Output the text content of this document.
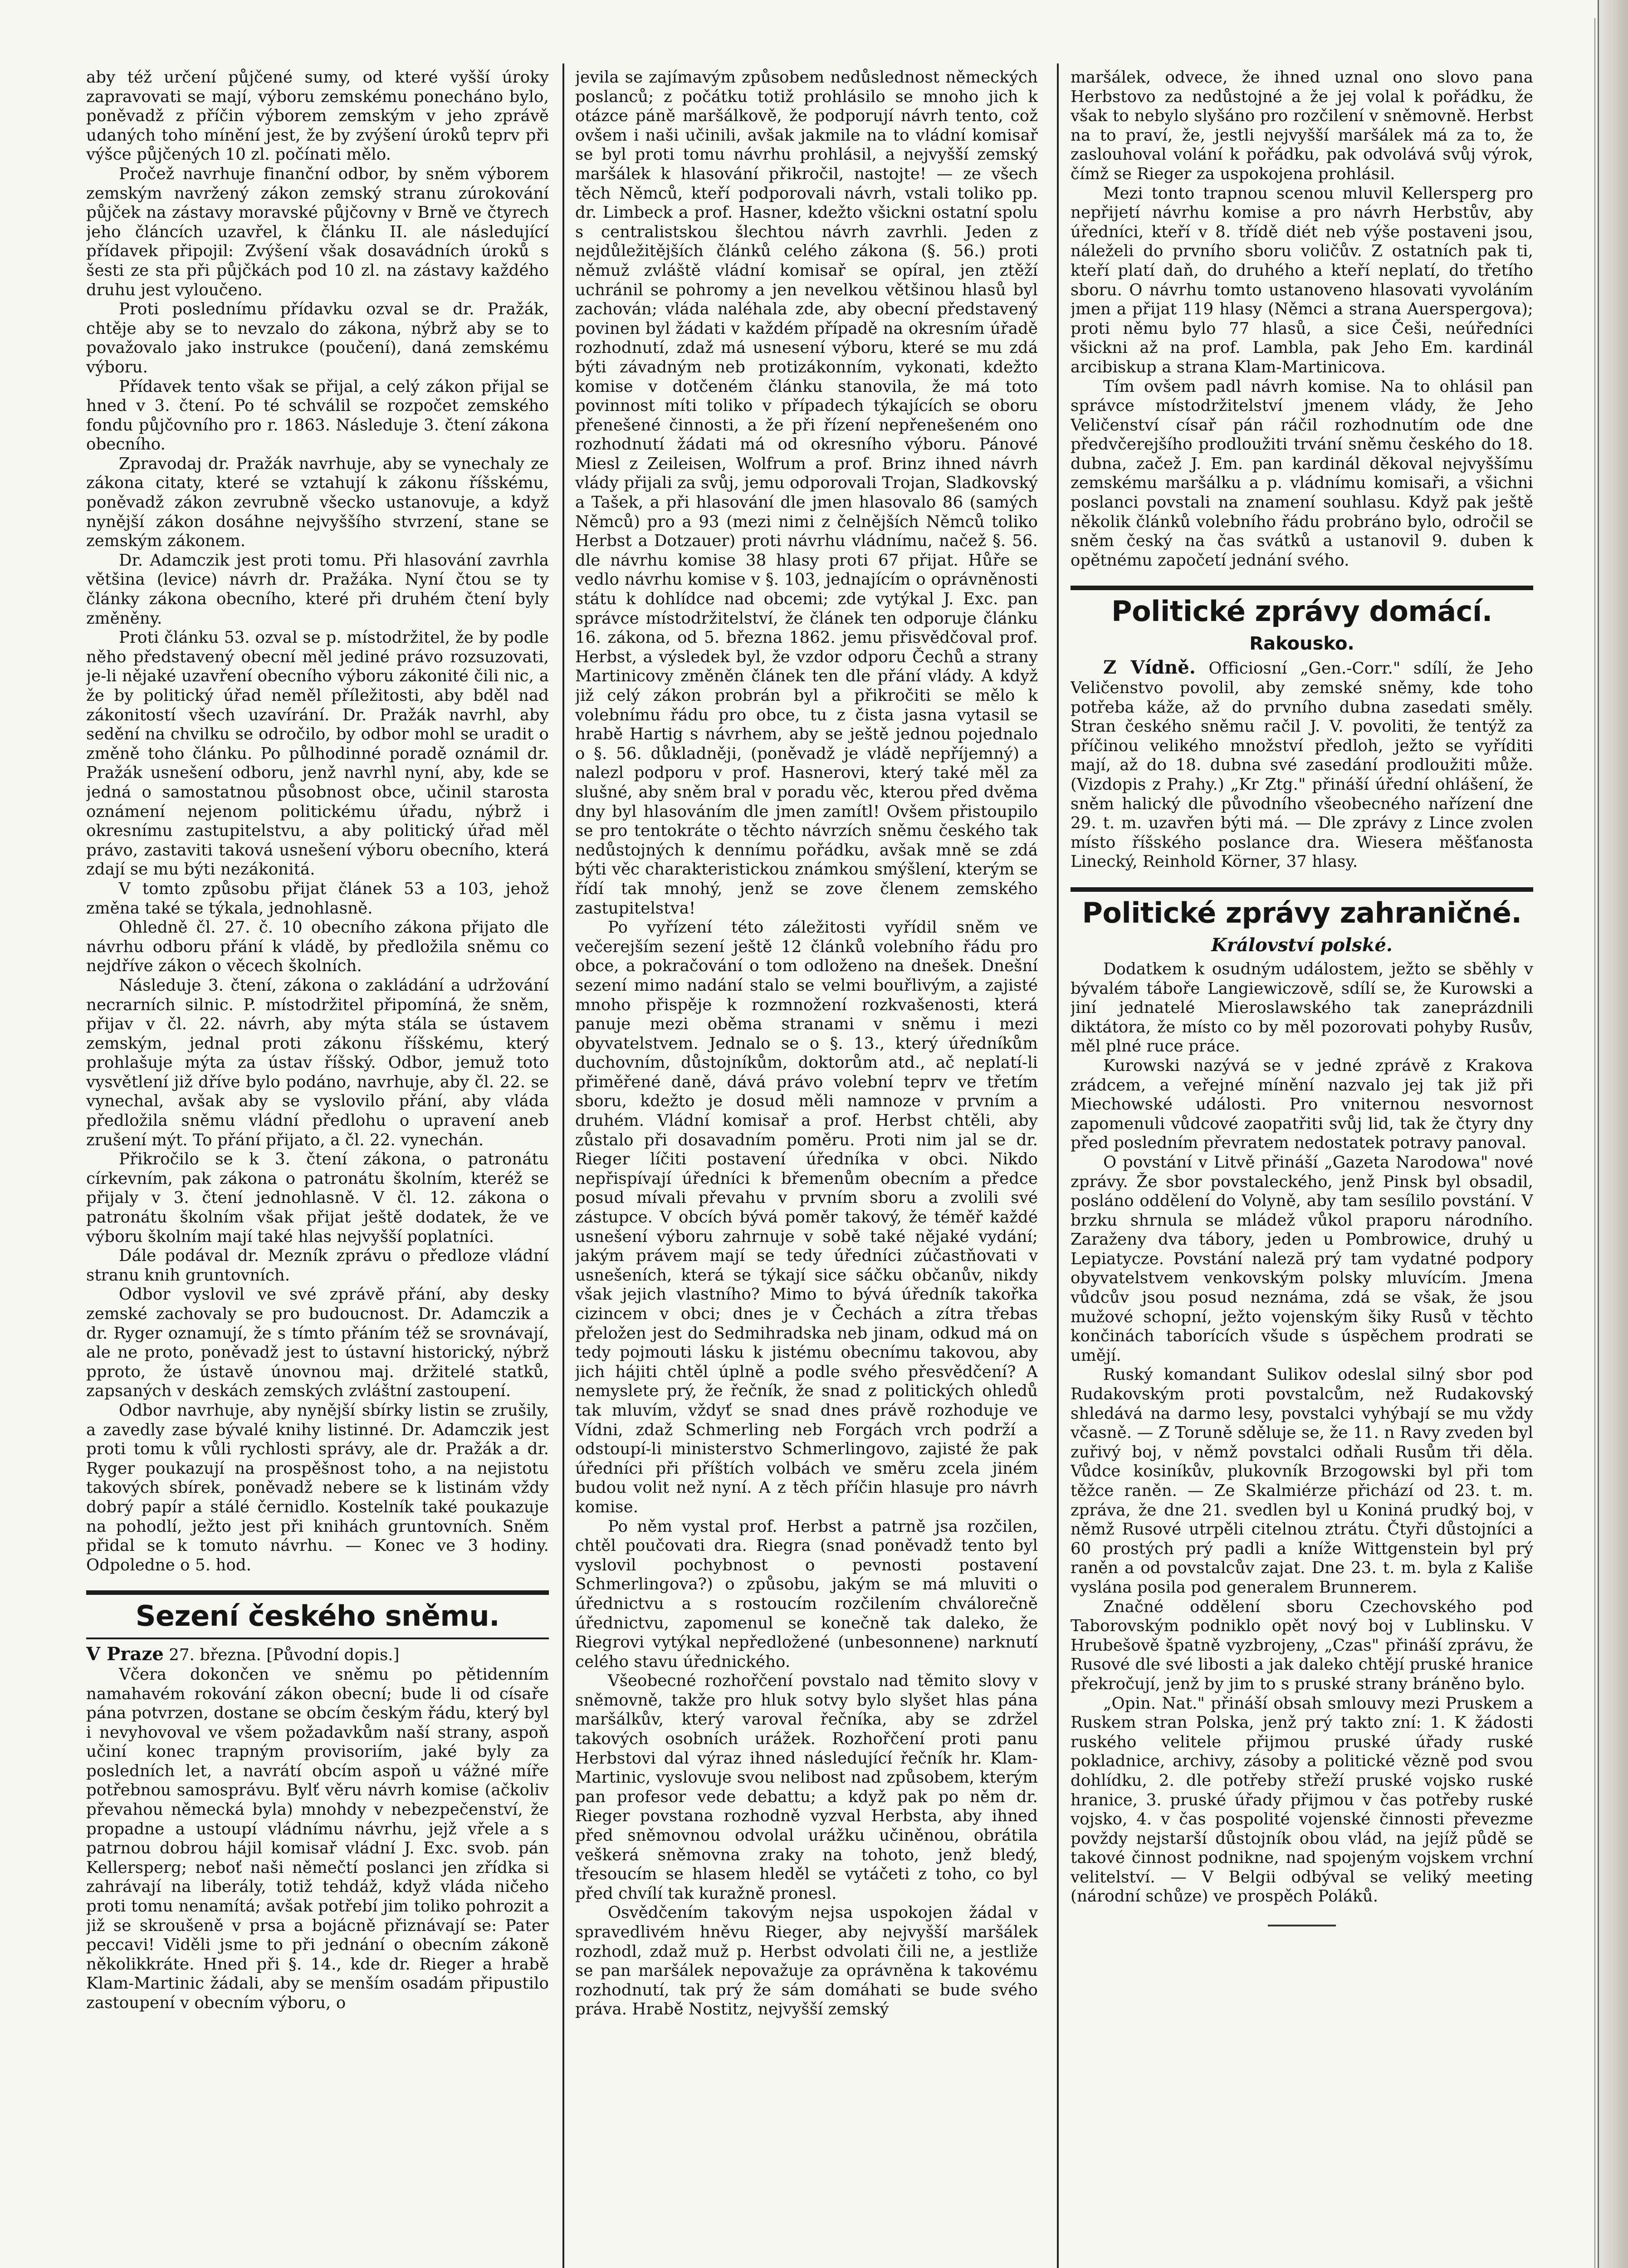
aby též určení půjčené sumy, od které vyšší úroky zapravovati se mají, výboru zemskému ponecháno bylo, poněvadž z příčin výborem zemským v jeho zprávě udaných toho mínění jest, že by zvýšení úroků teprv při výšce půjčených 10 zl. počínati mělo.

Pročež navrhuje finanční odbor, by sněm výborem zemským navržený zákon zemský stranu zúrokování půjček na zástavy moravské půjčovny v Brně ve čtyrech jeho článcích uzavřel, k článku II. ale následující přídavek připojil: Zvýšení však dosavádních úroků s šesti ze sta při půjčkách pod 10 zl. na zástavy každého druhu jest vyloučeno.

Proti poslednímu přídavku ozval se dr. Pražák, chtěje aby se to nevzalo do zákona, nýbrž aby se to považovalo jako instrukce (poučení), daná zemskému výboru.

Přídavek tento však se přijal, a celý zákon přijal se hned v 3. čtení. Po té schválil se rozpočet zemského fondu půjčovního pro r. 1863. Následuje 3. čtení zákona obecního.

Zpravodaj dr. Pražák navrhuje, aby se vynechaly ze zákona citaty, které se vztahují k zákonu říšskému, poněvadž zákon zevrubně všecko ustanovuje, a když nynější zákon dosáhne nejvyššího stvrzení, stane se zemským zákonem.

Dr. Adamczik jest proti tomu. Při hlasování zavrhla většina (levice) návrh dr. Pražáka. Nyní čtou se ty články zákona obecního, které při druhém čtení byly změněny.

Proti článku 53. ozval se p. místodržitel, že by podle něho představený obecní měl jediné právo rozsuzovati, je-li nějaké uzavření obecního výboru zákonité čili nic, a že by politický úřad neměl příležitosti, aby bděl nad zákonitostí všech uzavírání. Dr. Pražák navrhl, aby sedění na chvilku se odročilo, by odbor mohl se uradit o změně toho článku. Po půlhodinné poradě oznámil dr. Pražák usnešení odboru, jenž navrhl nyní, aby, kde se jedná o samostatnou působnost obce, učinil starosta oznámení nejenom politickému úřadu, nýbrž i okresnímu zastupitelstvu, a aby politický úřad měl právo, zastaviti taková usnešení výboru obecního, která zdají se mu býti nezákonitá.

V tomto způsobu přijat článek 53 a 103, jehož změna také se týkala, jednohlasně.

Ohledně čl. 27. č. 10 obecního zákona přijato dle návrhu odboru přání k vládě, by předložila sněmu co nejdříve zákon o věcech školních.

Následuje 3. čtení, zákona o zakládání a udržování necrarních silnic. P. místodržitel připomíná, že sněm, přijav v čl. 22. návrh, aby mýta stála se ústavem zemským, jednal proti zákonu říšskému, který prohlašuje mýta za ústav říšský. Odbor, jemuž toto vysvětlení již dříve bylo podáno, navrhuje, aby čl. 22. se vynechal, avšak aby se vyslovilo přání, aby vláda předložila sněmu vládní předlohu o upravení aneb zrušení mýt. To přání přijato, a čl. 22. vynechán.

Přikročilo se k 3. čtení zákona, o patronátu církevním, pak zákona o patronátu školním, kteréž se přijaly v 3. čtení jednohlasně. V čl. 12. zákona o patronátu školním však přijat ještě dodatek, že ve výboru školním mají také hlas nejvyšší poplatníci.

Dále podával dr. Mezník zprávu o předloze vládní stranu knih gruntovních.

Odbor vyslovil ve své zprávě přání, aby desky zemské zachovaly se pro budoucnost. Dr. Adamczik a dr. Ryger oznamují, že s tímto přáním též se srovnávají, ale ne proto, poněvadž jest to ústavní historický, nýbrž pproto, že ústavě únovnou maj. držitelé statků, zapsaných v deskách zemských zvláštní zastoupení.

Odbor navrhuje, aby nynější sbírky listin se zrušily, a zavedly zase bývalé knihy listinné. Dr. Adamczik jest proti tomu k vůli rychlosti správy, ale dr. Pražák a dr. Ryger poukazují na prospěšnost toho, a na nejistotu takových sbírek, poněvadž nebere se k listinám vždy dobrý papír a stálé černidlo. Kostelník také poukazuje na pohodlí, ježto jest při knihách gruntovních. Sněm přidal se k tomuto návrhu. — Konec ve 3 hodiny. Odpoledne o 5. hod.

Sezení českého sněmu.

V Praze 27. března. [Původní dopis.]

Včera dokončen ve sněmu po pětidenním namahavém rokování zákon obecní; bude li od císaře pána potvrzen, dostane se obcím českým řádu, který byl i nevyhovoval ve všem požadavkům naší strany, aspoň učiní konec trapným provisoriím, jaké byly za posledních let, a navrátí obcím aspoň u vážné míře potřebnou samosprávu. Bylť věru návrh komise (ačkoliv převahou německá byla) mnohdy v nebezpečenství, že propadne a ustoupí vládnímu návrhu, jejž vřele a s patrnou dobrou hájil komisař vládní J. Exc. svob. pán Kellersperg; neboť naši němečtí poslanci jen zřídka si zahrávají na liberály, totiž tehdáž, když vláda ničeho proti tomu nenamítá; avšak potřebí jim toliko pohrozit a již se skroušeně v prsa a bojácně přiznávají se: Pater peccavi! Viděli jsme to při jednání o obecním zákoně několikkráte. Hned při §. 14., kde dr. Rieger a hrabě Klam-Martinic žádali, aby se menším osadám připustilo zastoupení v obecním výboru, o

jevila se zajímavým způsobem nedůslednost německých poslanců; z počátku totiž prohlásilo se mnoho jich k otázce páně maršálkově, že podporují návrh tento, což ovšem i naši učinili, avšak jakmile na to vládní komisař se byl proti tomu návrhu prohlásil, a nejvyšší zemský maršálek k hlasování přikročil, nastojte! — ze všech těch Němců, kteří podporovali návrh, vstali toliko pp. dr. Limbeck a prof. Hasner, kdežto všickni ostatní spolu s centralistskou šlechtou návrh zavrhli. Jeden z nejdůležitějších článků celého zákona (§. 56.) proti němuž zvláště vládní komisař se opíral, jen ztěží uchránil se pohromy a jen nevelkou většinou hlasů byl zachován; vláda naléhala zde, aby obecní představený povinen byl žádati v každém případě na okresním úřadě rozhodnutí, zdaž má usnesení výboru, které se mu zdá býti závadným neb protizákonním, vykonati, kdežto komise v dotčeném článku stanovila, že má toto povinnost míti toliko v případech týkajících se oboru přenešené činnosti, a že při řízení nepřenešeném ono rozhodnutí žádati má od okresního výboru. Pánové Miesl z Zeileisen, Wolfrum a prof. Brinz ihned návrh vlády přijali za svůj, jemu odporovali Trojan, Sladkovský a Tašek, a při hlasování dle jmen hlasovalo 86 (samých Němců) pro a 93 (mezi nimi z čelnějších Němců toliko Herbst a Dotzauer) proti návrhu vládnímu, načež §. 56. dle návrhu komise 38 hlasy proti 67 přijat. Hůře se vedlo návrhu komise v §. 103, jednajícím o oprávněnosti státu k dohlídce nad obcemi; zde vytýkal J. Exc. pan správce místodržitelství, že článek ten odporuje článku 16. zákona, od 5. března 1862. jemu přisvědčoval prof. Herbst, a výsledek byl, že vzdor odporu Čechů a strany Martinicovy změněn článek ten dle přání vlády. A když již celý zákon probrán byl a přikročiti se mělo k volebnímu řádu pro obce, tu z čista jasna vytasil se hrabě Hartig s návrhem, aby se ještě jednou pojednalo o §. 56. důkladněji, (poněvadž je vládě nepříjemný) a nalezl podporu v prof. Hasnerovi, který také měl za slušné, aby sněm bral v poradu věc, kterou před dvěma dny byl hlasováním dle jmen zamítl! Ovšem přistoupilo se pro tentokráte o těchto návrzích sněmu českého tak nedůstojných k dennímu pořádku, avšak mně se zdá býti věc charakteristickou známkou smýšlení, kterým se řídí tak mnohý, jenž se zove členem zemského zastupitelstva!

Po vyřízení této záležitosti vyřídil sněm ve večerejším sezení ještě 12 článků volebního řádu pro obce, a pokračování o tom odloženo na dnešek. Dnešní sezení mimo nadání stalo se velmi bouřlivým, a zajisté mnoho přispěje k rozmnožení rozkvašenosti, která panuje mezi oběma stranami v sněmu i mezi obyvatelstvem. Jednalo se o §. 13., který úředníkům duchovním, důstojníkům, doktorům atd., ač neplatí-li přiměřené daně, dává právo volební teprv ve třetím sboru, kdežto je dosud měli namnoze v prvním a druhém. Vládní komisař a prof. Herbst chtěli, aby zůstalo při dosavadním poměru. Proti nim jal se dr. Rieger líčiti postavení úředníka v obci. Nikdo nepřispívají úředníci k břemenům obecním a předce posud mívali převahu v prvním sboru a zvolili své zástupce. V obcích bývá poměr takový, že téměř každé usnešení výboru zahrnuje v sobě také nějaké vydání; jakým právem mají se tedy úředníci zúčastňovati v usnešeních, která se týkají sice sáčku občanův, nikdy však jejich vlastního? Mimo to bývá úředník takořka cizincem v obci; dnes je v Čechách a zítra třebas přeložen jest do Sedmihradska neb jinam, odkud má on tedy pojmouti lásku k jistému obecnímu takovou, aby jich hájiti chtěl úplně a podle svého přesvědčení? A nemyslete prý, že řečník, že snad z politických ohledů tak mluvím, vždyť se snad dnes právě rozhoduje ve Vídni, zdaž Schmerling neb Forgách vrch podrží a odstoupí-li ministerstvo Schmerlingovo, zajisté že pak úředníci při příštích volbách ve směru zcela jiném budou volit než nyní. A z těch příčin hlasuje pro návrh komise.

Po něm vystal prof. Herbst a patrně jsa rozčilen, chtěl poučovati dra. Riegra (snad poněvadž tento byl vyslovil pochybnost o pevnosti postavení Schmerlingova?) o způsobu, jakým se má mluviti o úřednictvu a s rostoucím rozčilením chválorečně úřednictvu, zapomenul se konečně tak daleko, že Riegrovi vytýkal nepředložené (unbesonnene) narknutí celého stavu úřednického.

Všeobecné rozhořčení povstalo nad těmito slovy v sněmovně, takže pro hluk sotvy bylo slyšet hlas pána maršálkův, který varoval řečníka, aby se zdržel takových osobních urážek. Rozhořčení proti panu Herbstovi dal výraz ihned následující řečník hr. Klam-Martinic, vyslovuje svou nelibost nad způsobem, kterým pan profesor vede debattu; a když pak po něm dr. Rieger povstana rozhodně vyzval Herbsta, aby ihned před sněmovnou odvolal urážku učiněnou, obrátila veškerá sněmovna zraky na tohoto, jenž bledý, třesoucím se hlasem hleděl se vytáčeti z toho, co byl před chvílí tak kuražně pronesl.

Osvědčením takovým nejsa uspokojen žádal v spravedlivém hněvu Rieger, aby nejvyšší maršálek rozhodl, zdaž muž p. Herbst odvolati čili ne, a jestliže se pan maršálek nepovažuje za oprávněna k takovému rozhodnutí, tak prý že sám domáhati se bude svého práva. Hrabě Nostitz, nejvyšší zemský

maršálek, odvece, že ihned uznal ono slovo pana Herbstovo za nedůstojné a že jej volal k pořádku, že však to nebylo slyšáno pro rozčilení v sněmovně. Herbst na to praví, že, jestli nejvyšší maršálek má za to, že zaslouhoval volání k pořádku, pak odvolává svůj výrok, čímž se Rieger za uspokojena prohlásil.

Mezi tonto trapnou scenou mluvil Kellersperg pro nepřijetí návrhu komise a pro návrh Herbstův, aby úředníci, kteří v 8. třídě diét neb výše postaveni jsou, náleželi do prvního sboru voličův. Z ostatních pak ti, kteří platí daň, do druhého a kteří neplatí, do třetího sboru. O návrhu tomto ustanoveno hlasovati vyvoláním jmen a přijat 119 hlasy (Němci a strana Auerspergova); proti němu bylo 77 hlasů, a sice Češi, neúředníci všickni až na prof. Lambla, pak Jeho Em. kardinál arcibiskup a strana Klam-Martinicova.

Tím ovšem padl návrh komise. Na to ohlásil pan správce místodržitelství jmenem vlády, že Jeho Veličenství císař pán ráčil rozhodnutím ode dne předvčerejšího prodloužiti trvání sněmu českého do 18. dubna, začež J. Em. pan kardinál děkoval nejvyššímu zemskému maršálku a p. vládnímu komisaři, a všichni poslanci povstali na znamení souhlasu. Když pak ještě několik článků volebního řádu probráno bylo, odročil se sněm český na čas svátků a ustanovil 9. duben k opětnému započetí jednání svého.

Politické zprávy domácí.
Rakousko.

Z Vídně. Officiosní „Gen.-Corr." sdílí, že Jeho Veličenstvo povolil, aby zemské sněmy, kde toho potřeba káže, až do prvního dubna zasedati směly. Stran českého sněmu račil J. V. povoliti, že tentýž za příčinou velikého množství předloh, ježto se vyříditi mají, až do 18. dubna své zasedání prodloužiti může. (Vizdopis z Prahy.) „Kr Ztg." přináší úřední ohlášení, že sněm halický dle původního všeobecného nařízení dne 29. t. m. uzavřen býti má. — Dle zprávy z Lince zvolen místo říšského poslance dra. Wiesera měšťanosta Linecký, Reinhold Körner, 37 hlasy.

Politické zprávy zahraničné.
Království polské.

Dodatkem k osudným událostem, ježto se sběhly v bývalém táboře Langiewiczově, sdílí se, že Kurowski a jiní jednatelé Mieroslawského tak zaneprázdnili diktátora, že místo co by měl pozorovati pohyby Rusův, měl plné ruce práce.

Kurowski nazývá se v jedné zprávě z Krakova zrádcem, a veřejné mínění nazvalo jej tak již při Miechowské události. Pro vniternou nesvornost zapomenuli vůdcové zaopatřiti svůj lid, tak že čtyry dny před posledním převratem nedostatek potravy panoval.

O povstání v Litvě přináší „Gazeta Narodowa" nové zprávy. Že sbor povstaleckého, jenž Pinsk byl obsadil, posláno oddělení do Volyně, aby tam sesílilo povstání. V brzku shrnula se mládež vůkol praporu národního. Zaraženy dva tábory, jeden u Pombrowice, druhý u Lepiatycze. Povstání naleză prý tam vydatné podpory obyvatelstvem venkovským polsky mluvícím. Jmena vůdcův jsou posud neznáma, zdá se však, že jsou mužové schopní, ježto vojenským šiky Rusů v těchto končinách taborících všude s úspěchem prodrati se umějí.

Ruský komandant Sulikov odeslal silný sbor pod Rudakovským proti povstalcům, než Rudakovský shledává na darmo lesy, povstalci vyhýbají se mu vždy včasně. — Z Toruně sděluje se, že 11. n Ravy zveden byl zuřivý boj, v němž povstalci odňali Rusům tři děla. Vůdce kosiníkův, plukovník Brzogowski byl při tom těžce raněn. — Ze Skalmiérze přichází od 23. t. m. zpráva, že dne 21. svedlen byl u Koniná prudký boj, v němž Rusové utrpěli citelnou ztrátu. Čtyři důstojníci a 60 prostých prý padli a kníže Wittgenstein byl prý raněn a od povstalcův zajat. Dne 23. t. m. byla z Kališe vyslána posila pod generalem Brunnerem.

Značné oddělení sboru Czechovského pod Taborovským podniklo opět nový boj v Lublinsku. V Hrubešově špatně vyzbrojeny, „Czas" přináší zprávu, že Rusové dle své libosti a jak daleko chtějí pruské hranice překročují, jenž by jim to s pruské strany bráněno bylo.

„Opin. Nat." přináší obsah smlouvy mezi Pruskem a Ruskem stran Polska, jenž prý takto zní: 1. K žádosti ruského velitele přijmou pruské úřady ruské pokladnice, archivy, zásoby a politické vězně pod svou dohlídku, 2. dle potřeby střeží pruské vojsko ruské hranice, 3. pruské úřady přijmou v čas potřeby ruské vojsko, 4. v čas pospolité vojenské činnosti převezme povždy nejstarší důstojník obou vlád, na jejíž půdě se takové činnost podnikne, nad spojeným vojskem vrchní velitelství. — V Belgii odbýval se veliký meeting (národní schůze) ve prospěch Poláků.
